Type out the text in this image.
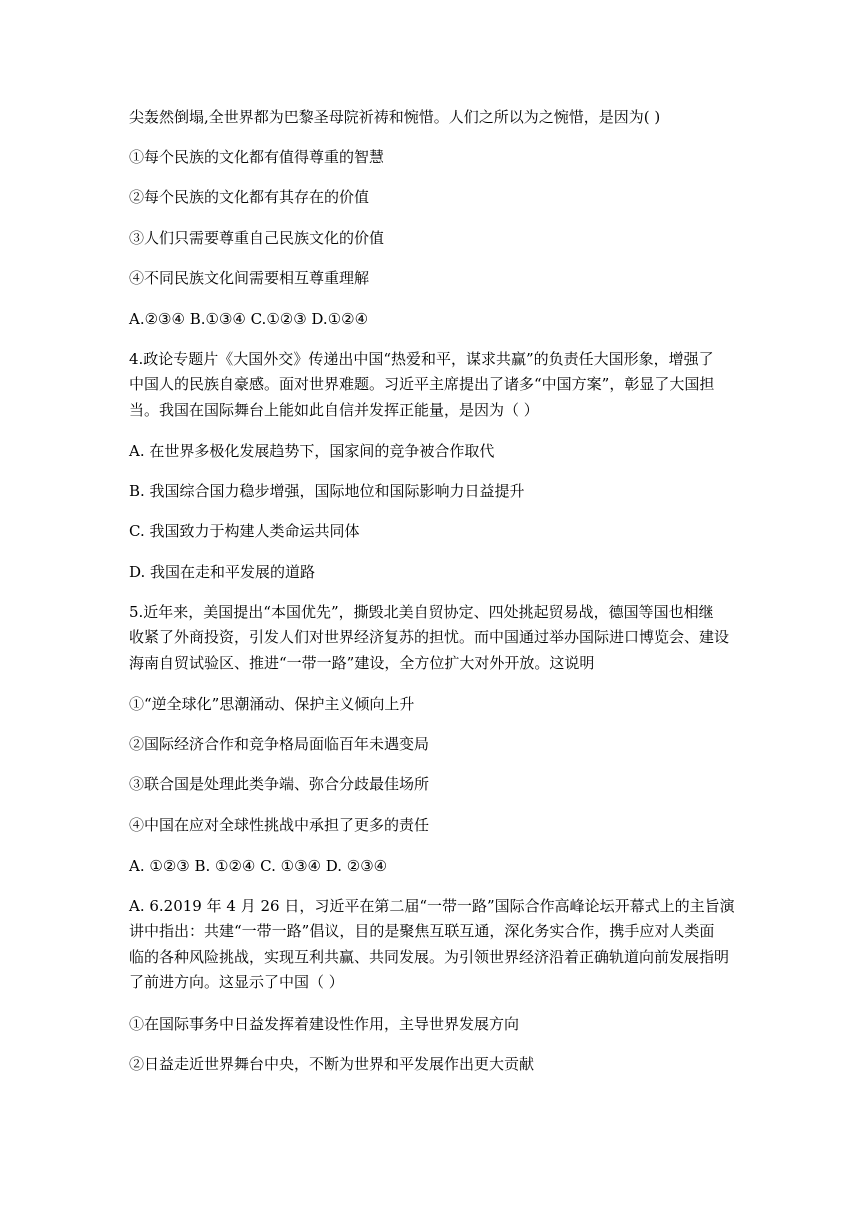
尖轰然倒塌,全世界都为巴黎圣母院祈祷和惋惜。人们之所以为之惋惜，是因为( )
①每个民族的文化都有值得尊重的智慧
②每个民族的文化都有其存在的价值
③人们只需要尊重自己民族文化的价值
④不同民族文化间需要相互尊重理解
A.②③④ B.①③④ C.①②③ D.①②④
4.政论专题片《大国外交》传递出中国“热爱和平，谋求共赢”的负责任大国形象，增强了
中国人的民族自豪感。面对世界难题。习近平主席提出了诸多“中国方案”，彰显了大国担
当。我国在国际舞台上能如此自信并发挥正能量，是因为（ ）
A. 在世界多极化发展趋势下，国家间的竞争被合作取代
B. 我国综合国力稳步增强，国际地位和国际影响力日益提升
C. 我国致力于构建人类命运共同体
D. 我国在走和平发展的道路
5.近年来，美国提出“本国优先”，撕毁北美自贸协定、四处挑起贸易战，德国等国也相继
收紧了外商投资，引发人们对世界经济复苏的担忧。而中国通过举办国际进口博览会、建设
海南自贸试验区、推进“一带一路”建设，全方位扩大对外开放。这说明
①“逆全球化”思潮涌动、保护主义倾向上升
②国际经济合作和竞争格局面临百年未遇变局
③联合国是处理此类争端、弥合分歧最佳场所
④中国在应对全球性挑战中承担了更多的责任
A. ①②③ B. ①②④ C. ①③④ D. ②③④
A. 6.2019 年 4 月 26 日，习近平在第二届“一带一路”国际合作高峰论坛开幕式上的主旨演
讲中指出：共建“一带一路”倡议，目的是聚焦互联互通，深化务实合作，携手应对人类面
临的各种风险挑战，实现互利共赢、共同发展。为引领世界经济沿着正确轨道向前发展指明
了前进方向。这显示了中国（ ）
①在国际事务中日益发挥着建设性作用，主导世界发展方向
②日益走近世界舞台中央，不断为世界和平发展作出更大贡献
